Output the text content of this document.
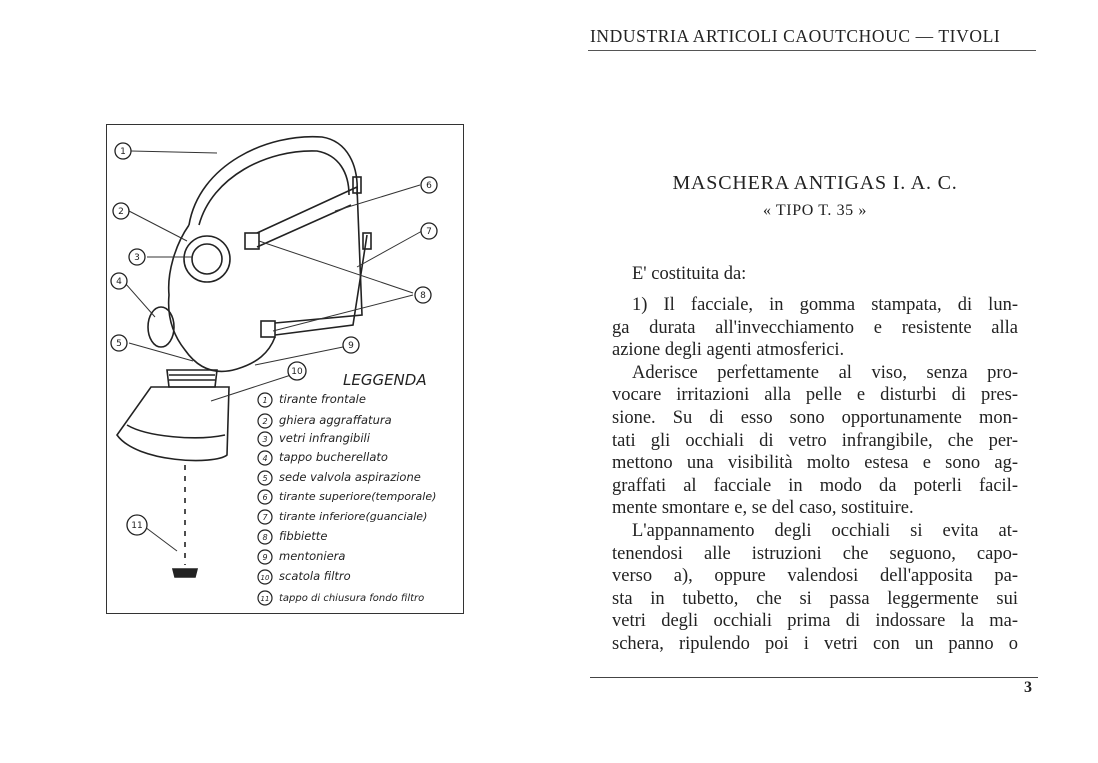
INDUSTRIA ARTICOLI CAOUTCHOUC — TIVOLI
1
2
3
4
5
6
7
8
9
10
11
LEGGENDA
1 tirante frontale
2 ghiera aggraffatura
3 vetri infrangibili
4 tappo bucherellato
5 sede valvola aspirazione
6 tirante superiore(temporale)
7 tirante inferiore(guanciale)
8 fibbiette
9 mentoniera
10 scatola filtro
11 tappo di chiusura fondo filtro
MASCHERA ANTIGAS I. A. C.
« TIPO T. 35 »
E' costituita da:
1) Il facciale, in gomma stampata, di lun-
ga durata all'invecchiamento e resistente alla
azione degli agenti atmosferici.
Aderisce perfettamente al viso, senza pro-
vocare irritazioni alla pelle e disturbi di pres-
sione. Su di esso sono opportunamente mon-
tati gli occhiali di vetro infrangibile, che per-
mettono una visibilità molto estesa e sono ag-
graffati al facciale in modo da poterli facil-
mente smontare e, se del caso, sostituire.
L'appannamento degli occhiali si evita at-
tenendosi alle istruzioni che seguono, capo-
verso a), oppure valendosi dell'apposita pa-
sta in tubetto, che si passa leggermente sui
vetri degli occhiali prima di indossare la ma-
schera, ripulendo poi i vetri con un panno o
3
